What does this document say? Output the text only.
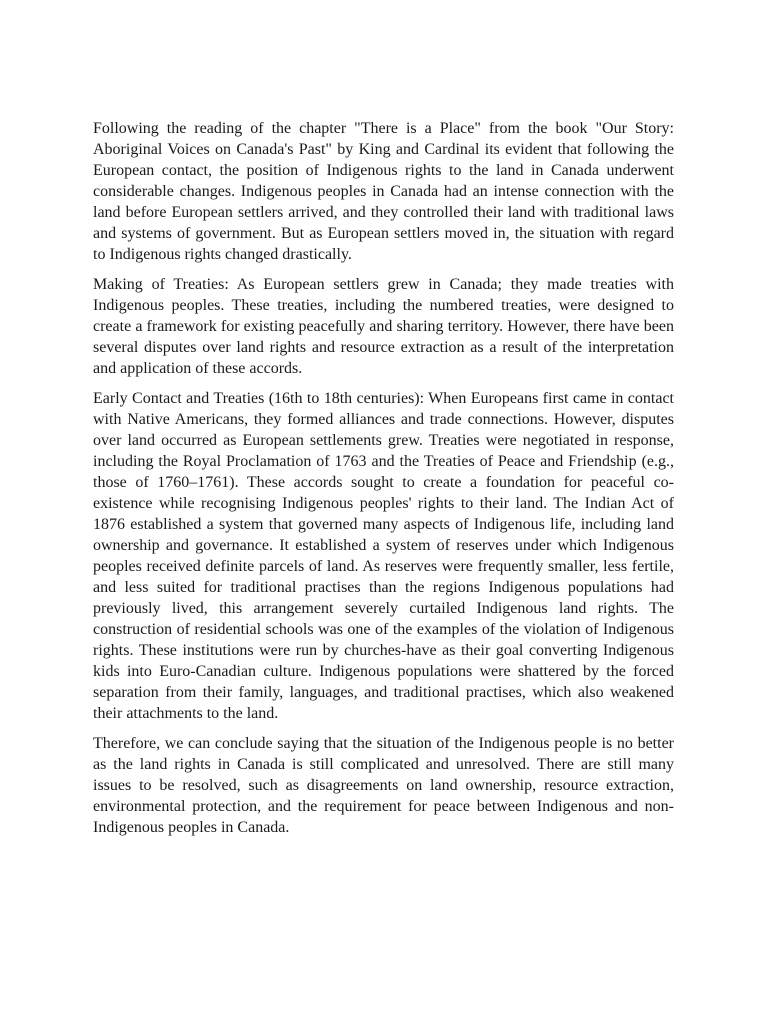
Following the reading of the chapter "There is a Place" from the book "Our Story: Aboriginal Voices on Canada's Past" by King and Cardinal its evident that following the European contact, the position of Indigenous rights to the land in Canada underwent considerable changes. Indigenous peoples in Canada had an intense connection with the land before European settlers arrived, and they controlled their land with traditional laws and systems of government. But as European settlers moved in, the situation with regard to Indigenous rights changed drastically.

Making of Treaties: As European settlers grew in Canada; they made treaties with Indigenous peoples. These treaties, including the numbered treaties, were designed to create a framework for existing peacefully and sharing territory. However, there have been several disputes over land rights and resource extraction as a result of the interpretation and application of these accords.

Early Contact and Treaties (16th to 18th centuries): When Europeans first came in contact with Native Americans, they formed alliances and trade connections. However, disputes over land occurred as European settlements grew. Treaties were negotiated in response, including the Royal Proclamation of 1763 and the Treaties of Peace and Friendship (e.g., those of 1760–1761). These accords sought to create a foundation for peaceful co-existence while recognising Indigenous peoples' rights to their land. The Indian Act of 1876 established a system that governed many aspects of Indigenous life, including land ownership and governance. It established a system of reserves under which Indigenous peoples received definite parcels of land. As reserves were frequently smaller, less fertile, and less suited for traditional practises than the regions Indigenous populations had previously lived, this arrangement severely curtailed Indigenous land rights. The construction of residential schools was one of the examples of the violation of Indigenous rights. These institutions were run by churches-have as their goal converting Indigenous kids into Euro-Canadian culture. Indigenous populations were shattered by the forced separation from their family, languages, and traditional practises, which also weakened their attachments to the land.

Therefore, we can conclude saying that the situation of the Indigenous people is no better as the land rights in Canada is still complicated and unresolved. There are still many issues to be resolved, such as disagreements on land ownership, resource extraction, environmental protection, and the requirement for peace between Indigenous and non-Indigenous peoples in Canada.
